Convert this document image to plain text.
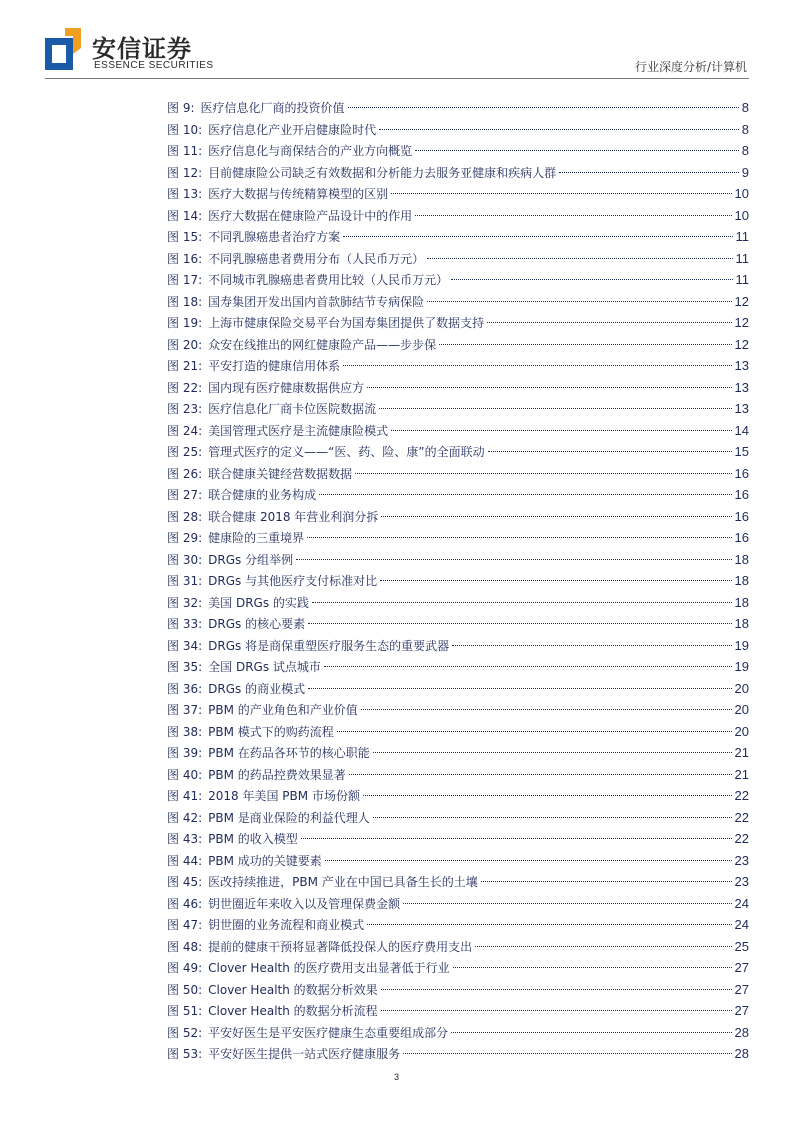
安信证券
ESSENCE SECURITIES	行业深度分析/计算机
图 9: 医疗信息化厂商的投资价值	8
图 10: 医疗信息化产业开启健康险时代	8
图 11: 医疗信息化与商保结合的产业方向概览	8
图 12: 目前健康险公司缺乏有效数据和分析能力去服务亚健康和疾病人群	9
图 13: 医疗大数据与传统精算模型的区别	10
图 14: 医疗大数据在健康险产品设计中的作用	10
图 15: 不同乳腺癌患者治疗方案	11
图 16: 不同乳腺癌患者费用分布（人民币万元）	11
图 17: 不同城市乳腺癌患者费用比较（人民币万元）	11
图 18: 国寿集团开发出国内首款肺结节专病保险	12
图 19: 上海市健康保险交易平台为国寿集团提供了数据支持	12
图 20: 众安在线推出的网红健康险产品——步步保	12
图 21: 平安打造的健康信用体系	13
图 22: 国内现有医疗健康数据供应方	13
图 23: 医疗信息化厂商卡位医院数据流	13
图 24: 美国管理式医疗是主流健康险模式	14
图 25: 管理式医疗的定义——“医、药、险、康”的全面联动	15
图 26: 联合健康关键经营数据数据	16
图 27: 联合健康的业务构成	16
图 28: 联合健康 2018 年营业利润分拆	16
图 29: 健康险的三重境界	16
图 30: DRGs 分组举例	18
图 31: DRGs 与其他医疗支付标准对比	18
图 32: 美国 DRGs 的实践	18
图 33: DRGs 的核心要素	18
图 34: DRGs 将是商保重塑医疗服务生态的重要武器	19
图 35: 全国 DRGs 试点城市	19
图 36: DRGs 的商业模式	20
图 37: PBM 的产业角色和产业价值	20
图 38: PBM 模式下的购药流程	20
图 39: PBM 在药品各环节的核心职能	21
图 40: PBM 的药品控费效果显著	21
图 41: 2018 年美国 PBM 市场份额	22
图 42: PBM 是商业保险的利益代理人	22
图 43: PBM 的收入模型	22
图 44: PBM 成功的关键要素	23
图 45: 医改持续推进，PBM 产业在中国已具备生长的土壤	23
图 46: 钥世圈近年来收入以及管理保费金额	24
图 47: 钥世圈的业务流程和商业模式	24
图 48: 提前的健康干预将显著降低投保人的医疗费用支出	25
图 49: Clover Health 的医疗费用支出显著低于行业	27
图 50: Clover Health 的数据分析效果	27
图 51: Clover Health 的数据分析流程	27
图 52: 平安好医生是平安医疗健康生态重要组成部分	28
图 53: 平安好医生提供一站式医疗健康服务	28
3
